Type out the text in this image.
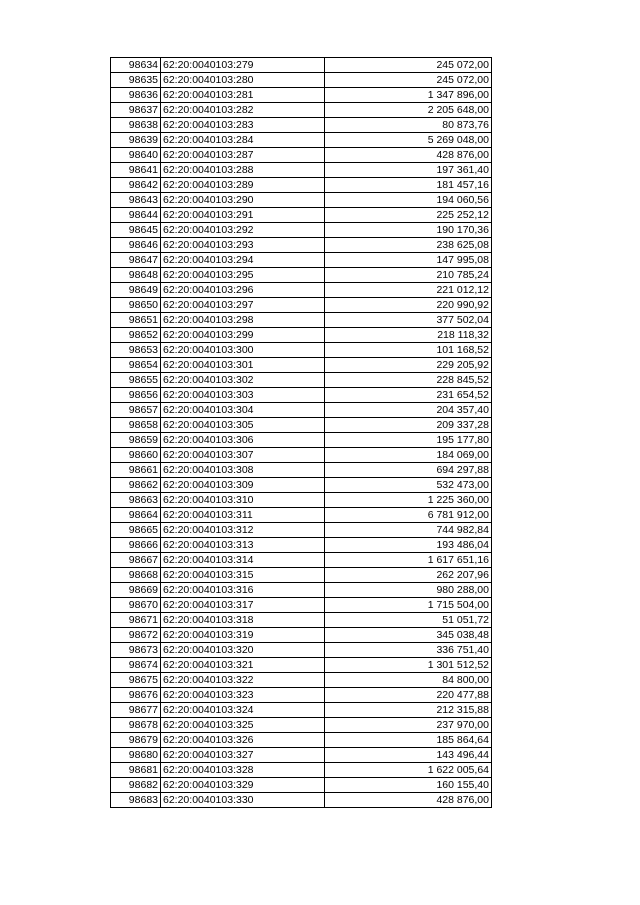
98634	62:20:0040103:279	245 072,00
98635	62:20:0040103:280	245 072,00
98636	62:20:0040103:281	1 347 896,00
98637	62:20:0040103:282	2 205 648,00
98638	62:20:0040103:283	80 873,76
98639	62:20:0040103:284	5 269 048,00
98640	62:20:0040103:287	428 876,00
98641	62:20:0040103:288	197 361,40
98642	62:20:0040103:289	181 457,16
98643	62:20:0040103:290	194 060,56
98644	62:20:0040103:291	225 252,12
98645	62:20:0040103:292	190 170,36
98646	62:20:0040103:293	238 625,08
98647	62:20:0040103:294	147 995,08
98648	62:20:0040103:295	210 785,24
98649	62:20:0040103:296	221 012,12
98650	62:20:0040103:297	220 990,92
98651	62:20:0040103:298	377 502,04
98652	62:20:0040103:299	218 118,32
98653	62:20:0040103:300	101 168,52
98654	62:20:0040103:301	229 205,92
98655	62:20:0040103:302	228 845,52
98656	62:20:0040103:303	231 654,52
98657	62:20:0040103:304	204 357,40
98658	62:20:0040103:305	209 337,28
98659	62:20:0040103:306	195 177,80
98660	62:20:0040103:307	184 069,00
98661	62:20:0040103:308	694 297,88
98662	62:20:0040103:309	532 473,00
98663	62:20:0040103:310	1 225 360,00
98664	62:20:0040103:311	6 781 912,00
98665	62:20:0040103:312	744 982,84
98666	62:20:0040103:313	193 486,04
98667	62:20:0040103:314	1 617 651,16
98668	62:20:0040103:315	262 207,96
98669	62:20:0040103:316	980 288,00
98670	62:20:0040103:317	1 715 504,00
98671	62:20:0040103:318	51 051,72
98672	62:20:0040103:319	345 038,48
98673	62:20:0040103:320	336 751,40
98674	62:20:0040103:321	1 301 512,52
98675	62:20:0040103:322	84 800,00
98676	62:20:0040103:323	220 477,88
98677	62:20:0040103:324	212 315,88
98678	62:20:0040103:325	237 970,00
98679	62:20:0040103:326	185 864,64
98680	62:20:0040103:327	143 496,44
98681	62:20:0040103:328	1 622 005,64
98682	62:20:0040103:329	160 155,40
98683	62:20:0040103:330	428 876,00
